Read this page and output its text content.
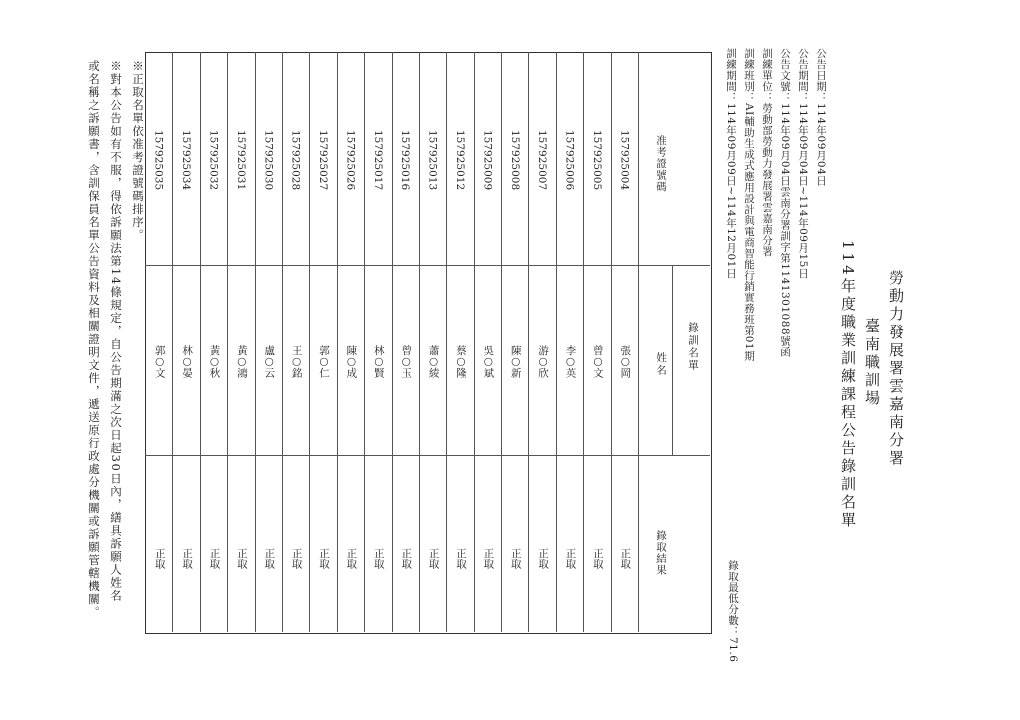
勞動力發展署雲嘉南分署
臺南職訓場
114年度職業訓練課程公告錄訓名單
公告日期：114年09月04日
公告期間：114年09月04日~114年09月15日
公告文號：114年09月04日雲南分署訓字第1141301088號函
訓練單位：勞動部勞動力發展署雲嘉南分署
訓練班別：AI輔助生成式應用設計與電商智能行銷實務班第01期
訓練期間：114年09月09日~114年12月01日
錄取最低分數：71.6
錄訓名單
准考證號碼
姓名
錄取結果
157925004
張○岡
正取
157925005
曾○文
正取
157925006
李○英
正取
157925007
游○欣
正取
157925008
陳○新
正取
157925009
吳○斌
正取
157925012
蔡○隆
正取
157925013
蕭○綾
正取
157925016
曾○玉
正取
157925017
林○賢
正取
157925026
陳○成
正取
157925027
郭○仁
正取
157925028
王○銘
正取
157925030
盧○云
正取
157925031
黃○鴻
正取
157925032
黃○秋
正取
157925034
林○晏
正取
157925035
郭○文
正取
※正取名單依准考證號碼排序。
※對本公告如有不服，得依訴願法第14條規定，自公告期滿之次日起30日內，繕具訴願人姓名
或名稱之訴願書，含訓保員名單公告資料及相關證明文件，遞送原行政處分機關或訴願管轄機關。
